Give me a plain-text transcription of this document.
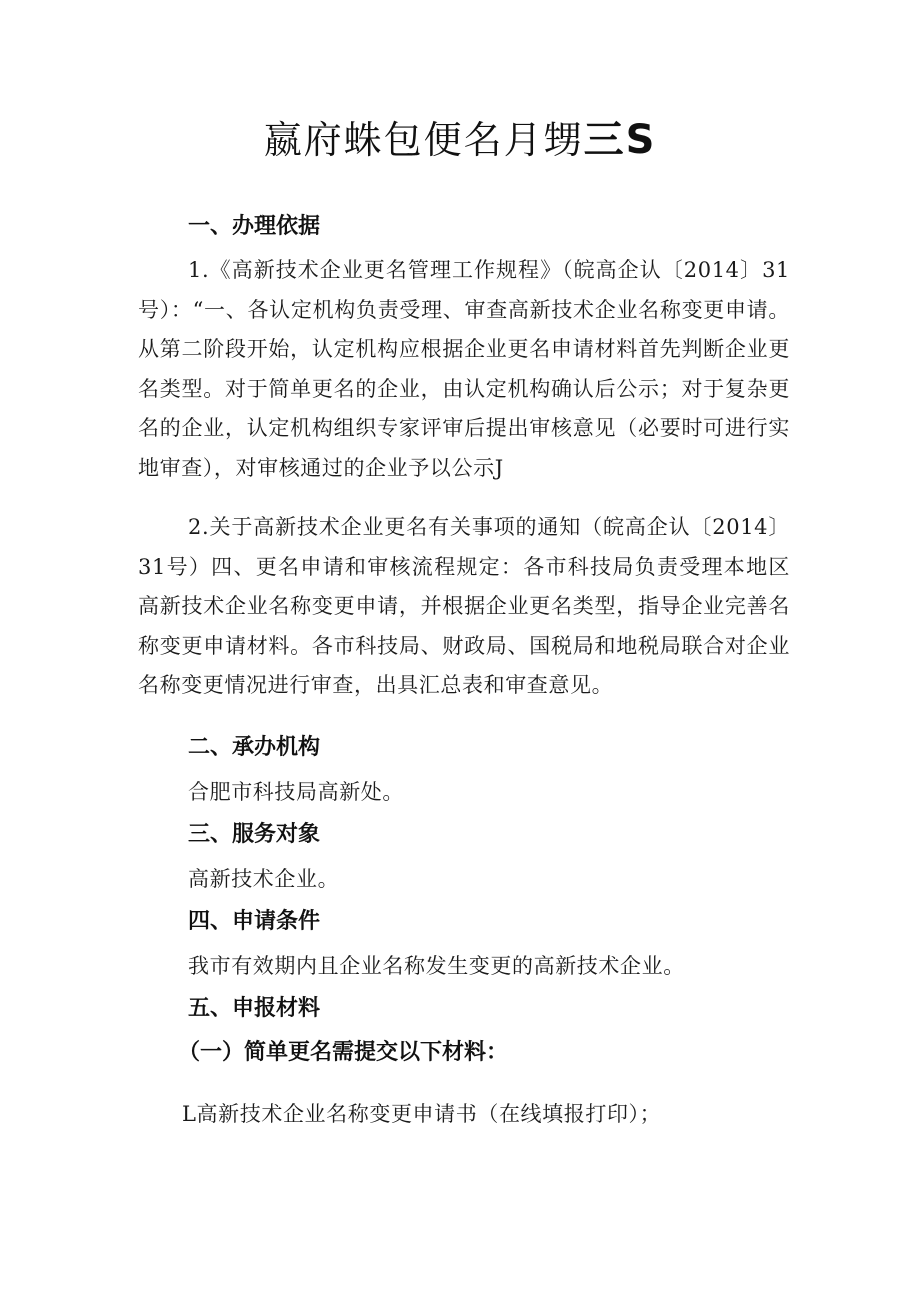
嬴府蛛包便名月甥三S
一、办理依据
1.《高新技术企业更名管理工作规程》（皖高企认〔2014〕31号）：“一、各认定机构负责受理、审查高新技术企业名称变更申请。从第二阶段开始，认定机构应根据企业更名申请材料首先判断企业更名类型。对于简单更名的企业，由认定机构确认后公示；对于复杂更名的企业，认定机构组织专家评审后提出审核意见（必要时可进行实地审查），对审核通过的企业予以公示J
2.关于高新技术企业更名有关事项的通知（皖高企认〔2014〕31号）四、更名申请和审核流程规定：各市科技局负责受理本地区高新技术企业名称变更申请，并根据企业更名类型，指导企业完善名称变更申请材料。各市科技局、财政局、国税局和地税局联合对企业名称变更情况进行审查，出具汇总表和审查意见。
二、承办机构
合肥市科技局高新处。
三、服务对象
高新技术企业。
四、申请条件
我市有效期内且企业名称发生变更的高新技术企业。
五、申报材料
（一）简单更名需提交以下材料：
L高新技术企业名称变更申请书（在线填报打印）；
